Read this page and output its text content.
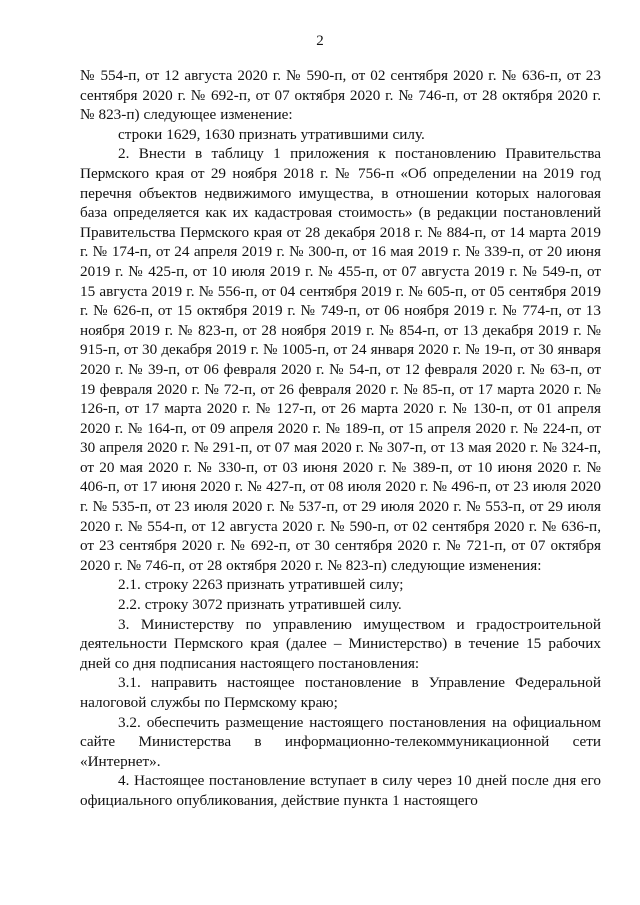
2

№ 554-п, от 12 августа 2020 г. № 590-п, от 02 сентября 2020 г. № 636-п, от 23 сентября 2020 г. № 692-п, от 07 октября 2020 г. № 746-п, от 28 октября 2020 г. № 823-п) следующее изменение:

строки 1629, 1630 признать утратившими силу.

2. Внести в таблицу 1 приложения к постановлению Правительства Пермского края от 29 ноября 2018 г. № 756-п «Об определении на 2019 год перечня объектов недвижимого имущества, в отношении которых налоговая база определяется как их кадастровая стоимость» (в редакции постановлений Правительства Пермского края от 28 декабря 2018 г. № 884-п, от 14 марта 2019 г. № 174-п, от 24 апреля 2019 г. № 300-п, от 16 мая 2019 г. № 339-п, от 20 июня 2019 г. № 425-п, от 10 июля 2019 г. № 455-п, от 07 августа 2019 г. № 549-п, от 15 августа 2019 г. № 556-п, от 04 сентября 2019 г. № 605-п, от 05 сентября 2019 г. № 626-п, от 15 октября 2019 г. № 749-п, от 06 ноября 2019 г. № 774-п, от 13 ноября 2019 г. № 823-п, от 28 ноября 2019 г. № 854-п, от 13 декабря 2019 г. № 915-п, от 30 декабря 2019 г. № 1005-п, от 24 января 2020 г. № 19-п, от 30 января 2020 г. № 39-п, от 06 февраля 2020 г. № 54-п, от 12 февраля 2020 г. № 63-п, от 19 февраля 2020 г. № 72-п, от 26 февраля 2020 г. № 85-п, от 17 марта 2020 г. № 126-п, от 17 марта 2020 г. № 127-п, от 26 марта 2020 г. № 130-п, от 01 апреля 2020 г. № 164-п, от 09 апреля 2020 г. № 189-п, от 15 апреля 2020 г. № 224-п, от 30 апреля 2020 г. № 291-п, от 07 мая 2020 г. № 307-п, от 13 мая 2020 г. № 324-п, от 20 мая 2020 г. № 330-п, от 03 июня 2020 г. № 389-п, от 10 июня 2020 г. № 406-п, от 17 июня 2020 г. № 427-п, от 08 июля 2020 г. № 496-п, от 23 июля 2020 г. № 535-п, от 23 июля 2020 г. № 537-п, от 29 июля 2020 г. № 553-п, от 29 июля 2020 г. № 554-п, от 12 августа 2020 г. № 590-п, от 02 сентября 2020 г. № 636-п, от 23 сентября 2020 г. № 692-п, от 30 сентября 2020 г. № 721-п, от 07 октября 2020 г. № 746-п, от 28 октября 2020 г. № 823-п) следующие изменения:

2.1. строку 2263 признать утратившей силу;

2.2. строку 3072 признать утратившей силу.

3. Министерству по управлению имуществом и градостроительной деятельности Пермского края (далее – Министерство) в течение 15 рабочих дней со дня подписания настоящего постановления:

3.1. направить настоящее постановление в Управление Федеральной налоговой службы по Пермскому краю;

3.2. обеспечить размещение настоящего постановления на официальном сайте Министерства в информационно-телекоммуникационной сети «Интернет».

4. Настоящее постановление вступает в силу через 10 дней после дня его официального опубликования, действие пункта 1 настоящего
